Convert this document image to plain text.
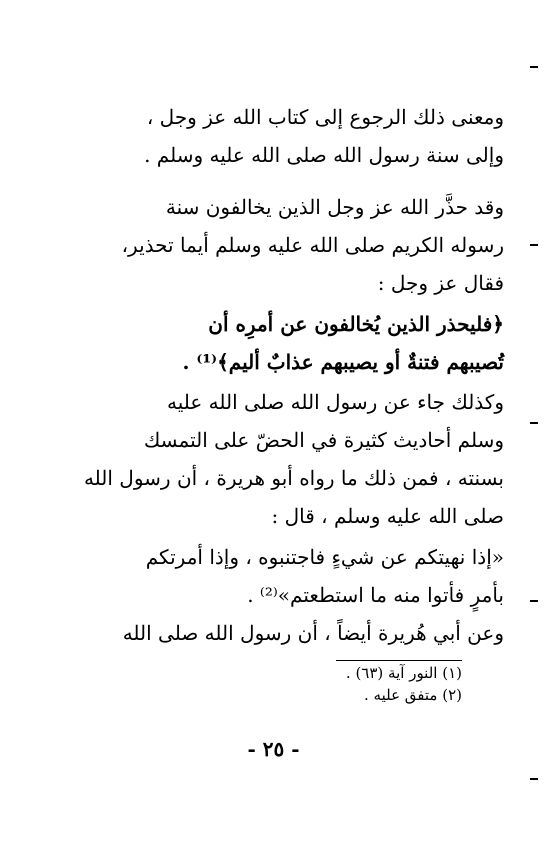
ومعنى ذلك الرجوع إلى كتاب الله عز وجل ،
وإلى سنة رسول الله صلى الله عليه وسلم .
وقد حذَّر الله عز وجل الذين يخالفون سنة
رسوله الكريم صلى الله عليه وسلم أيما تحذير،
فقال عز وجل :
﴿فليحذر الذين يُخالفون عن أمرِه أن
تُصيبهم فتنةٌ أو يصيبهم عذابٌ أليم﴾⁽¹⁾ .
وكذلك جاء عن رسول الله صلى الله عليه
وسلم أحاديث كثيرة في الحضّ على التمسك
بسنته ، فمن ذلك ما رواه أبو هريرة ، أن رسول الله
صلى الله عليه وسلم ، قال :
«إذا نهيتكم عن شيءٍ فاجتنبوه ، وإذا أمرتكم
بأمرٍ فأتوا منه ما استطعتم»⁽²⁾ .
وعن أبي هُريرة أيضاً ، أن رسول الله صلى الله
(١) النور آية (٦٣) .
(٢) متفق عليه .
- ٢٥ -
